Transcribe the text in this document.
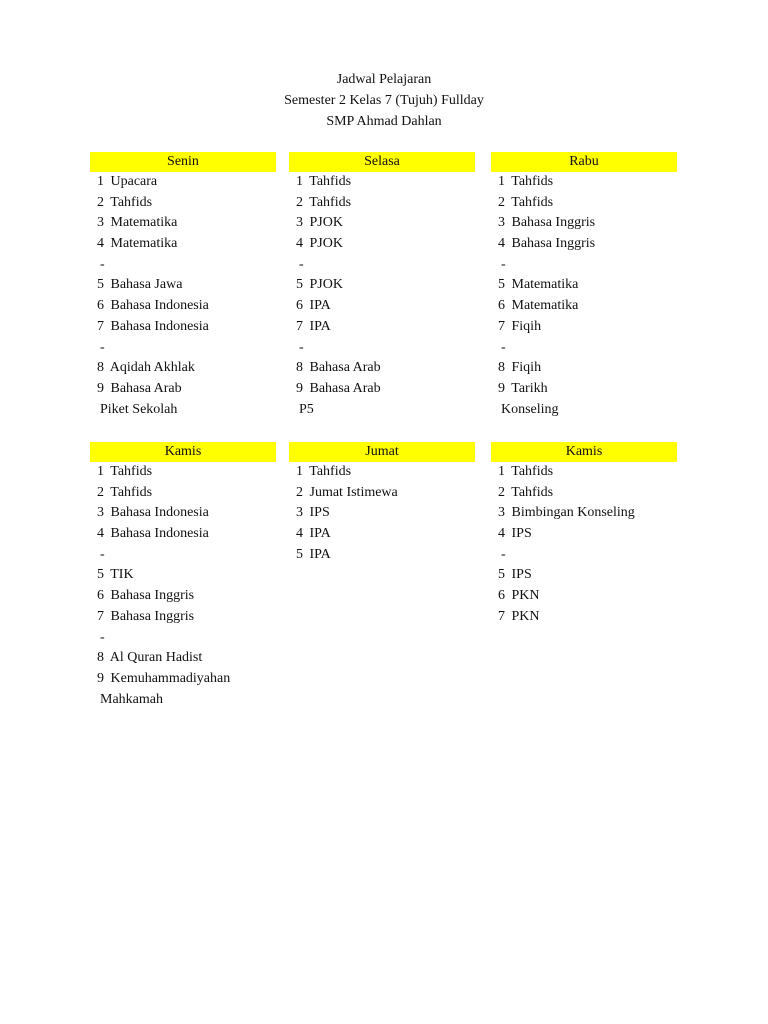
Jadwal Pelajaran
Semester 2 Kelas 7 (Tujuh) Fullday
SMP Ahmad Dahlan
Senin
1 Upacara
2 Tahfids
3 Matematika
4 Matematika
-
5 Bahasa Jawa
6 Bahasa Indonesia
7 Bahasa Indonesia
-
8 Aqidah Akhlak
9 Bahasa Arab
Piket Sekolah
Selasa
1 Tahfids
2 Tahfids
3 PJOK
4 PJOK
-
5 PJOK
6 IPA
7 IPA
-
8 Bahasa Arab
9 Bahasa Arab
P5
Rabu
1 Tahfids
2 Tahfids
3 Bahasa Inggris
4 Bahasa Inggris
-
5 Matematika
6 Matematika
7 Fiqih
-
8 Fiqih
9 Tarikh
Konseling
Kamis
1 Tahfids
2 Tahfids
3 Bahasa Indonesia
4 Bahasa Indonesia
-
5 TIK
6 Bahasa Inggris
7 Bahasa Inggris
-
8 Al Quran Hadist
9 Kemuhammadiyahan
Mahkamah
Jumat
1 Tahfids
2 Jumat Istimewa
3 IPS
4 IPA
5 IPA
Kamis
1 Tahfids
2 Tahfids
3 Bimbingan Konseling
4 IPS
-
5 IPS
6 PKN
7 PKN
